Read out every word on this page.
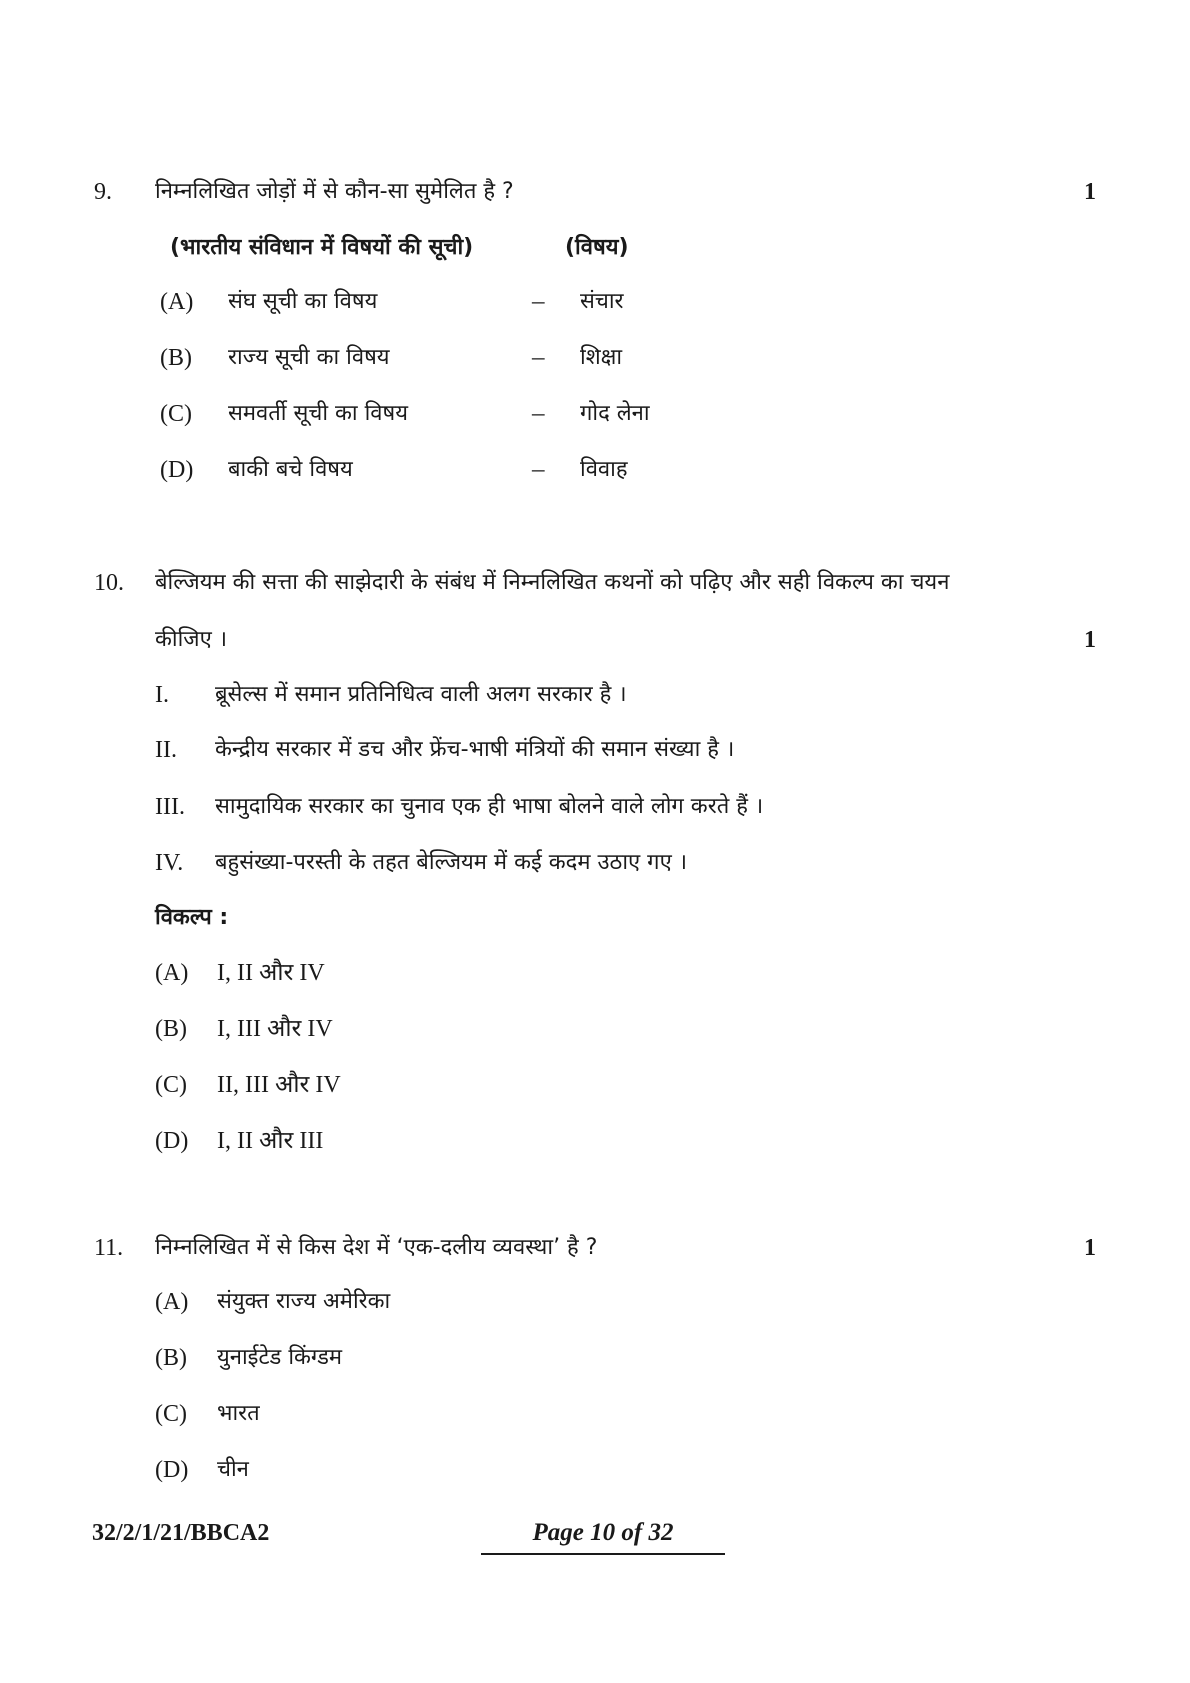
9. निम्नलिखित जोड़ों में से कौन-सा सुमेलित है ?	1
(भारतीय संविधान में विषयों की सूची)	(विषय)
(A) संघ सूची का विषय	– संचार
(B) राज्य सूची का विषय	– शिक्षा
(C) समवर्ती सूची का विषय	– गोद लेना
(D) बाकी बचे विषय	– विवाह
10. बेल्जियम की सत्ता की साझेदारी के संबंध में निम्नलिखित कथनों को पढ़िए और सही विकल्प का चयन
कीजिए ।	1
I. ब्रूसेल्स में समान प्रतिनिधित्व वाली अलग सरकार है ।
II. केन्द्रीय सरकार में डच और फ्रेंच-भाषी मंत्रियों की समान संख्या है ।
III. सामुदायिक सरकार का चुनाव एक ही भाषा बोलने वाले लोग करते हैं ।
IV. बहुसंख्या-परस्ती के तहत बेल्जियम में कई कदम उठाए गए ।
विकल्प :
(A) I, II और IV
(B) I, III और IV
(C) II, III और IV
(D) I, II और III
11. निम्नलिखित में से किस देश में ‘एक-दलीय व्यवस्था’ है ?	1
(A) संयुक्त राज्य अमेरिका
(B) युनाईटेड किंग्डम
(C) भारत
(D) चीन
32/2/1/21/BBCA2	Page 10 of 32
